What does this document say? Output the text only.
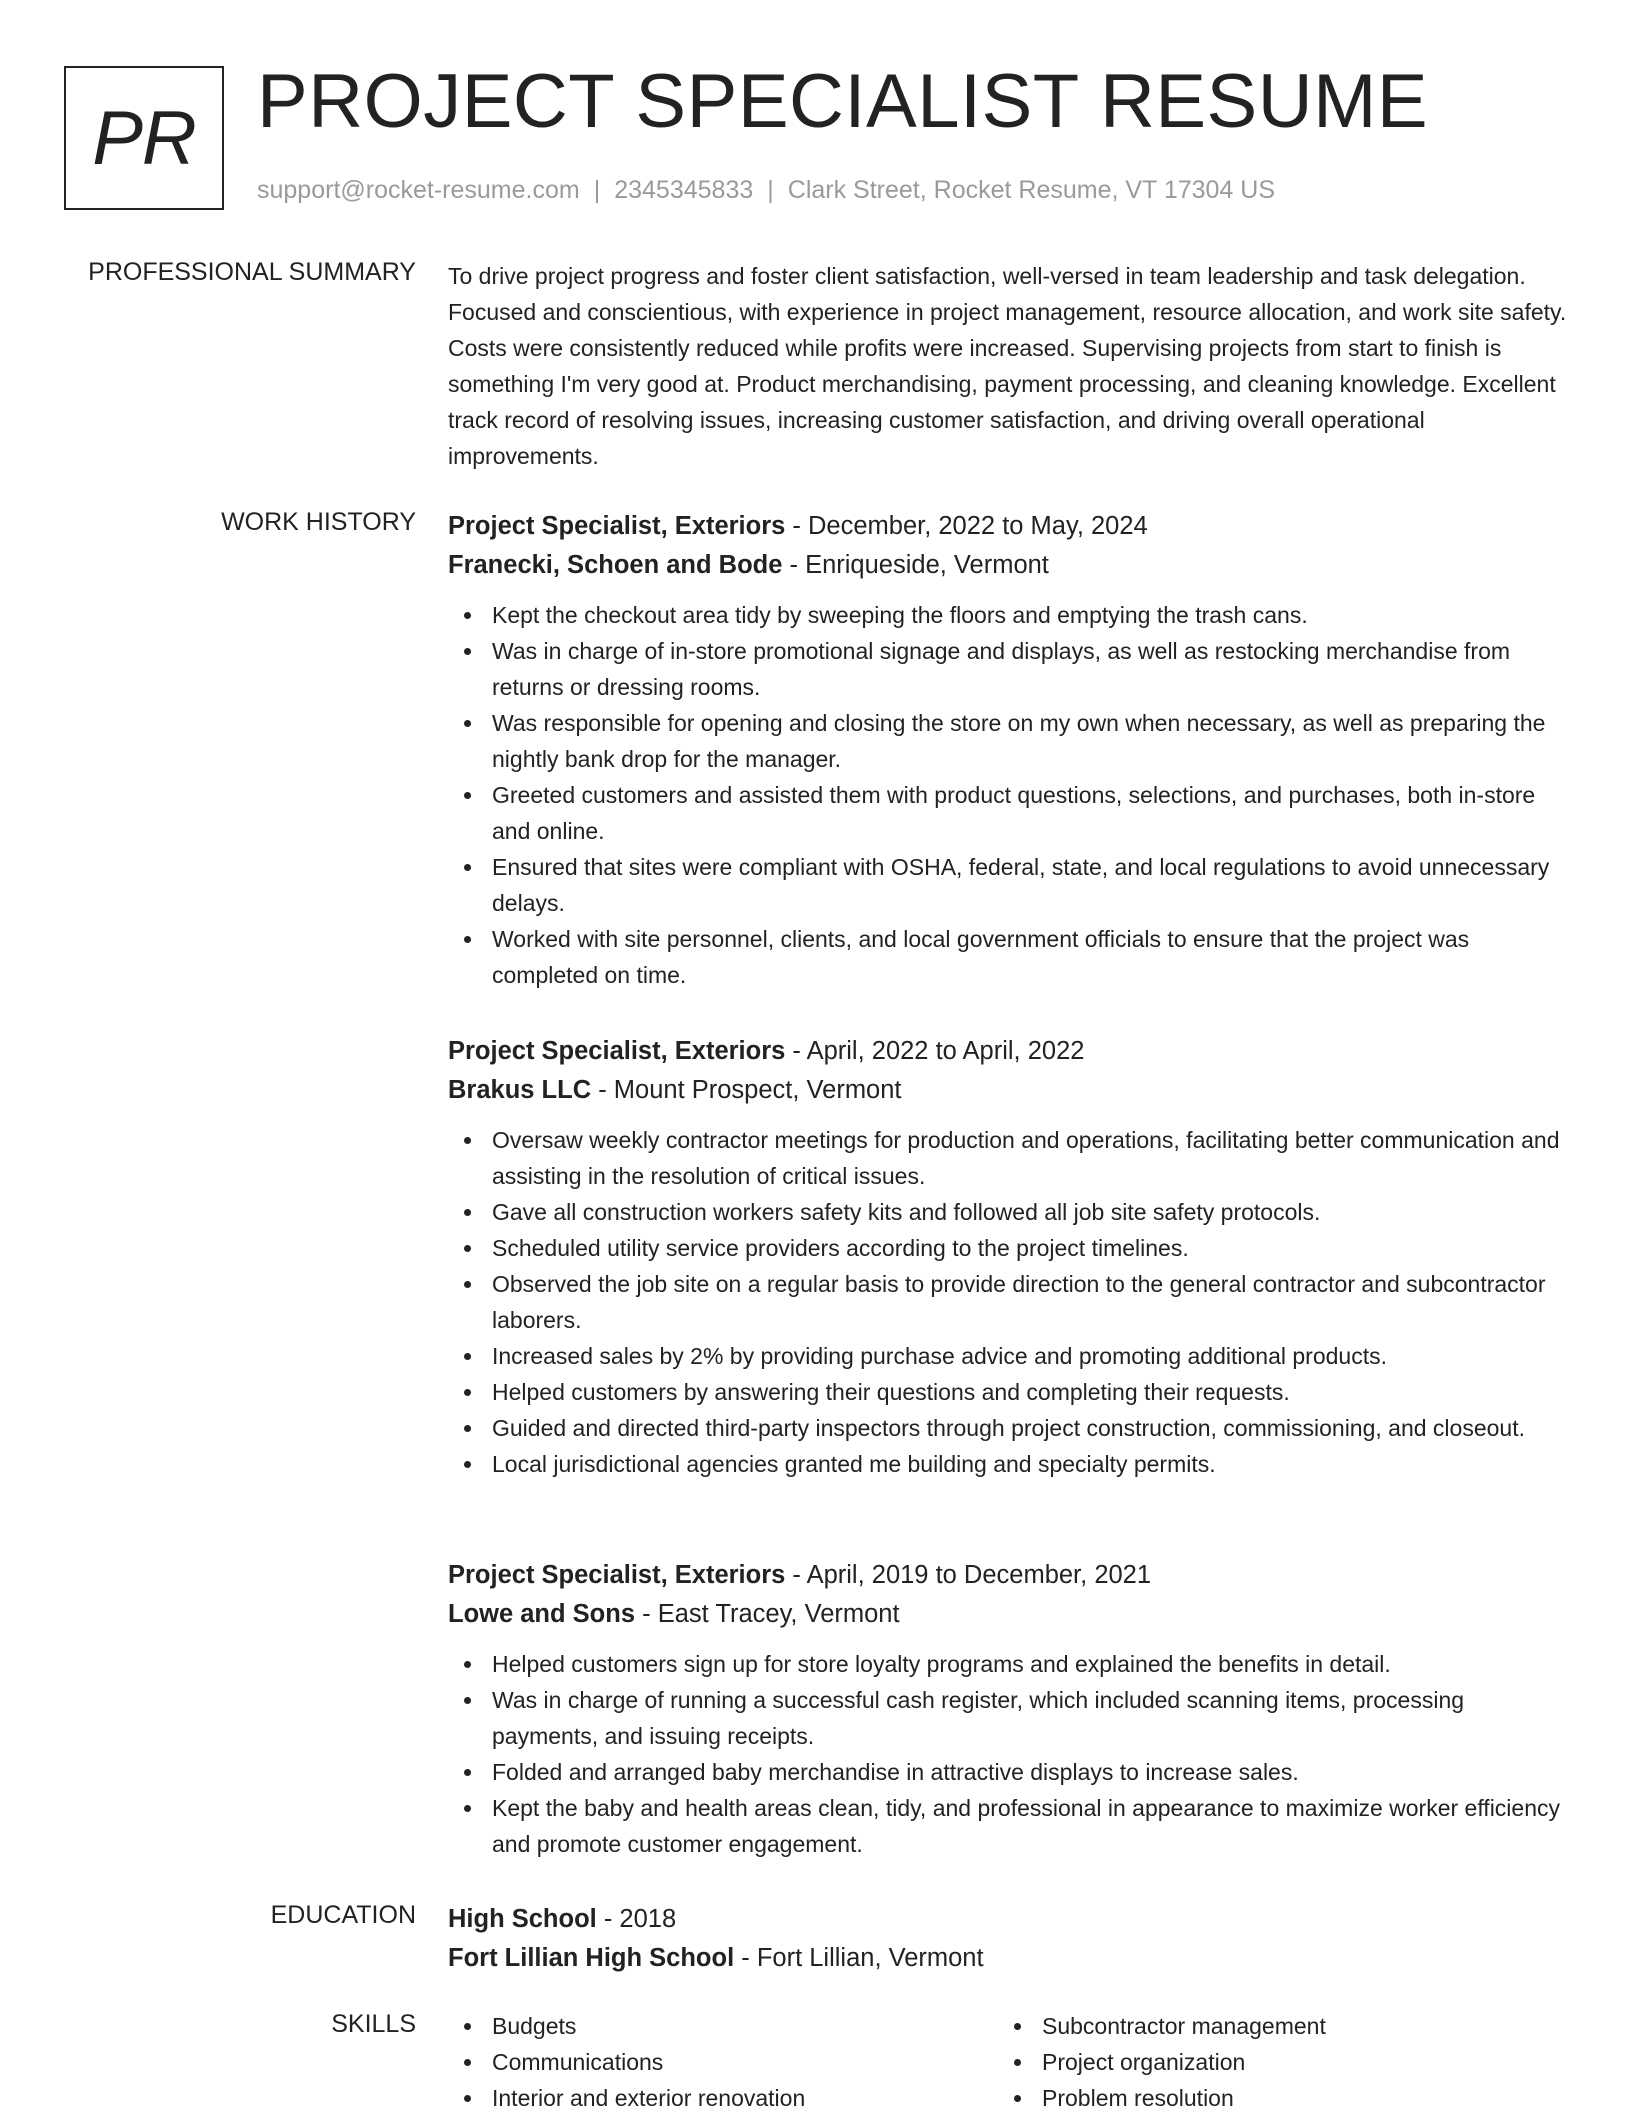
PR PROJECT SPECIALIST RESUME
support@rocket-resume.com | 2345345833 | Clark Street, Rocket Resume, VT 17304 US
PROFESSIONAL SUMMARY To drive project progress and foster client satisfaction, well-versed in team leadership and task delegation. Focused and conscientious, with experience in project management, resource allocation, and work site safety. Costs were consistently reduced while profits were increased. Supervising projects from start to finish is something I'm very good at. Product merchandising, payment processing, and cleaning knowledge. Excellent track record of resolving issues, increasing customer satisfaction, and driving overall operational improvements.
WORK HISTORY Project Specialist, Exteriors - December, 2022 to May, 2024
Franecki, Schoen and Bode - Enriqueside, Vermont
Kept the checkout area tidy by sweeping the floors and emptying the trash cans.
Was in charge of in-store promotional signage and displays, as well as restocking merchandise from returns or dressing rooms.
Was responsible for opening and closing the store on my own when necessary, as well as preparing the nightly bank drop for the manager.
Greeted customers and assisted them with product questions, selections, and purchases, both in-store and online.
Ensured that sites were compliant with OSHA, federal, state, and local regulations to avoid unnecessary delays.
Worked with site personnel, clients, and local government officials to ensure that the project was completed on time.
Project Specialist, Exteriors - April, 2022 to April, 2022
Brakus LLC - Mount Prospect, Vermont
Oversaw weekly contractor meetings for production and operations, facilitating better communication and assisting in the resolution of critical issues.
Gave all construction workers safety kits and followed all job site safety protocols.
Scheduled utility service providers according to the project timelines.
Observed the job site on a regular basis to provide direction to the general contractor and subcontractor laborers.
Increased sales by 2% by providing purchase advice and promoting additional products.
Helped customers by answering their questions and completing their requests.
Guided and directed third-party inspectors through project construction, commissioning, and closeout.
Local jurisdictional agencies granted me building and specialty permits.
Project Specialist, Exteriors - April, 2019 to December, 2021
Lowe and Sons - East Tracey, Vermont
Helped customers sign up for store loyalty programs and explained the benefits in detail.
Was in charge of running a successful cash register, which included scanning items, processing payments, and issuing receipts.
Folded and arranged baby merchandise in attractive displays to increase sales.
Kept the baby and health areas clean, tidy, and professional in appearance to maximize worker efficiency and promote customer engagement.
EDUCATION High School - 2018
Fort Lillian High School - Fort Lillian, Vermont
SKILLS	Budgets
Communications
Interior and exterior renovation
Subcontractor management
Project organization
Problem resolution
